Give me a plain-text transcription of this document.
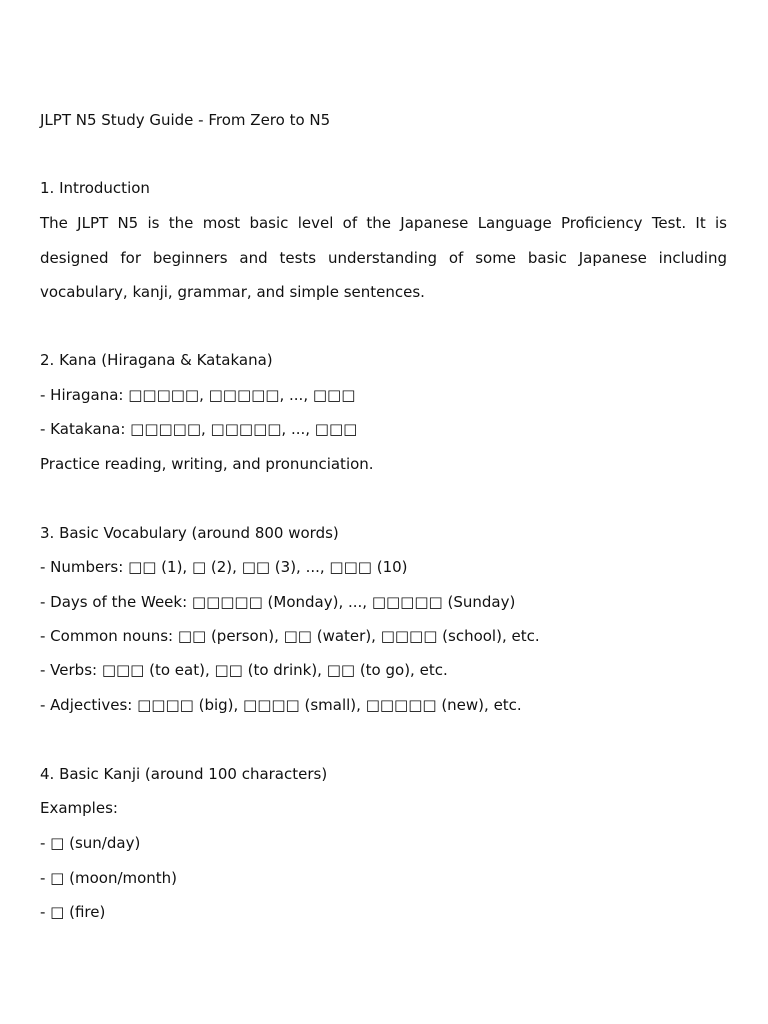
JLPT N5 Study Guide - From Zero to N5
1. Introduction
The JLPT N5 is the most basic level of the Japanese Language Proficiency Test. It is designed for beginners and tests understanding of some basic Japanese including vocabulary, kanji, grammar, and simple sentences.
2. Kana (Hiragana & Katakana)
- Hiragana: □□□□□, □□□□□, ..., □□□
- Katakana: □□□□□, □□□□□, ..., □□□
Practice reading, writing, and pronunciation.
3. Basic Vocabulary (around 800 words)
- Numbers: □□ (1), □ (2), □□ (3), ..., □□□ (10)
- Days of the Week: □□□□□ (Monday), ..., □□□□□ (Sunday)
- Common nouns: □□ (person), □□ (water), □□□□ (school), etc.
- Verbs: □□□ (to eat), □□ (to drink), □□ (to go), etc.
- Adjectives: □□□□ (big), □□□□ (small), □□□□□ (new), etc.
4. Basic Kanji (around 100 characters)
Examples:
- □ (sun/day)
- □ (moon/month)
- □ (fire)
